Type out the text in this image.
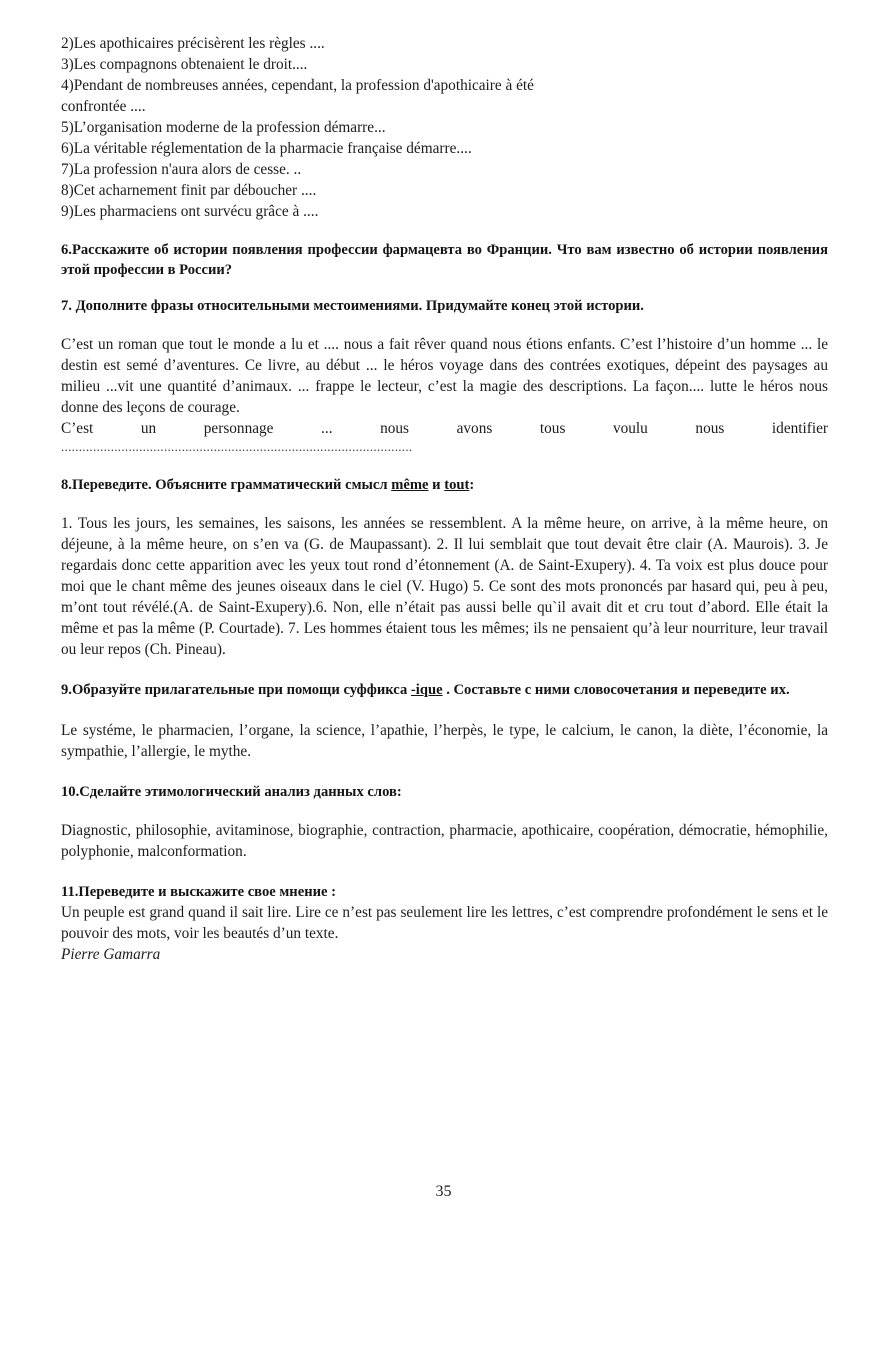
2)Les apothicaires précisèrent les règles ....

3)Les compagnons obtenaient le droit....

4)Pendant de nombreuses années, cependant, la profession d'apothicaire à été

confrontée ....

5)L’organisation moderne de la profession démarre...

6)La véritable réglementation de la pharmacie française démarre....

7)La profession n'aura alors de cesse. ..

8)Cet acharnement finit par déboucher ....

9)Les pharmaciens ont survécu grâce à ....

6.Расскажите об истории появления профессии фармацевта во Франции. Что вам известно об истории появления этой профессии в России?

7. Дополните фразы относительными местоимениями. Придумайте конец этой истории.

C’est un roman que tout le monde a lu et .... nous a fait rêver quand nous étions enfants. C’est l’histoire d’un homme ... le destin est semé d’aventures. Ce livre, au début ... le héros voyage dans des contrées exotiques, dépeint des paysages au milieu ...vit une quantité d’animaux. ... frappe le lecteur, c’est la magie des descriptions. La façon.... lutte le héros nous donne des leçons de courage.

C’est un personnage ... nous avons tous voulu nous identifier

...................................................................................................

8.Переведите. Объясните грамматический смысл même и tout:

1. Tous les jours, les semaines, les saisons, les années se ressemblent. A la même heure, on arrive, à la même heure, on déjeune, à la même heure, on s’en va (G. de Maupassant). 2. Il lui semblait que tout devait être clair (A. Maurois). 3. Je regardais donc cette apparition avec les yeux tout rond d’étonnement (A. de Saint-Exupery). 4. Ta voix est plus douce pour moi que le chant même des jeunes oiseaux dans le ciel (V. Hugo) 5. Ce sont des mots prononcés par hasard qui, peu à peu, m’ont tout révélé.(A. de Saint-Exupery).6. Non, elle n’était pas aussi belle qu`il avait dit et cru tout d’abord. Elle était la même et pas la même (P. Courtade). 7. Les hommes étaient tous les mêmes; ils ne pensaient qu’à leur nourriture, leur travail ou leur repos (Ch. Pineau).

9.Образуйте прилагательные при помощи суффикса -ique . Составьте с ними словосочетания и переведите их.

Le systéme, le pharmacien, l’organe, la science, l’apathie, l’herpès, le type, le calcium, le canon, la diète, l’économie, la sympathie, l’allergie, le mythe.

10.Сделайте этимологический анализ данных слов:

Diagnostic, philosophie, avitaminose, biographie, contraction, pharmacie, apothicaire, coopération, démocratie, hémophilie, polyphonie, malconformation.

11.Переведите и выскажите свое мнение :

Un peuple est grand quand il sait lire. Lire ce n’est pas seulement lire les lettres, c’est comprendre profondément le sens et le pouvoir des mots, voir les beautés d’un texte.

Pierre Gamarra

35
